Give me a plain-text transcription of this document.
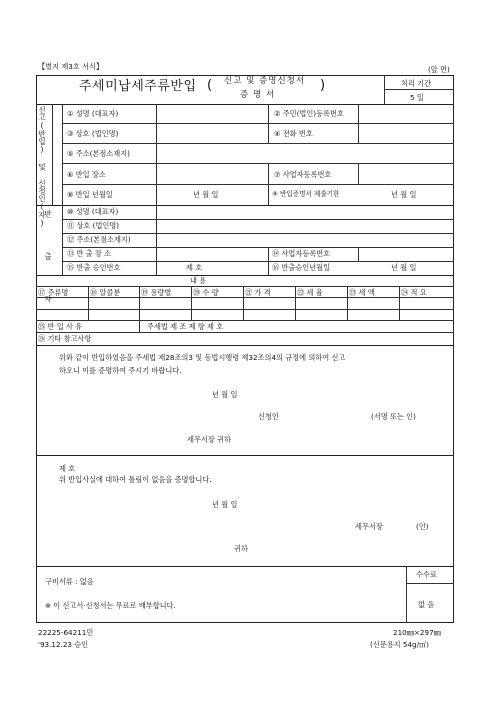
【별지 제3호 서식】	(앞 면)
주세미납세주류반입 ( 신고 및 증명신청서
증 명 서
)	처리 기간
5 일
신고(반입) 및 신청인(자)	① 성명 (대표자)	② 주민(법인)등록번호
③ 상호 (법인명)	④ 전화 번호
⑤ 주소(본점소재지)
⑥ 반입 장소	⑦ 사업자등록번호
⑧ 반입 년월일	년 월 일	⑨ 반입증명서 제출기한	년 월 일
반 출 자 ⑩ 성명 (대표자)
⑪ 상호 (법인명)
⑫ 주소(본점소재지)
⑬ 반 출 장 소	⑭ 사업자등록번호
⑮ 반출 승인번호	제 호	⑯ 반출승인년월일	년 월 일
내 용
⑰ 주류명	⑱ 알콜분	⑲ 용량별	⑳ 수 량	㉑ 가 격	㉒ 세 율	㉓ 세 액	㉔ 적 요
㉕ 반 입 사 유	주세법 제 조 제 항 제 호
㉖ 기타 참고사항
위와 같이 반입하였음을 주세법 제28조의3 및 동법시행령 제32조의4의 규정에 의하여 신고
하오니 이를 증명하여 주시기 바랍니다.
년 월 일
신청인	(서명 또는 인)
세무서장 귀하
제 호
위 반입사실에 대하여 틀림이 없음을 증명합니다.
년 월 일
세무서장	(인)
귀하
구비서류 : 없음
※ 이 신고서·신청서는 무료로 배부합니다.
수수료
없 음
22225-64211민
'93.12.23 승인
210㎜×297㎜
(신문용지 54g/㎡)
